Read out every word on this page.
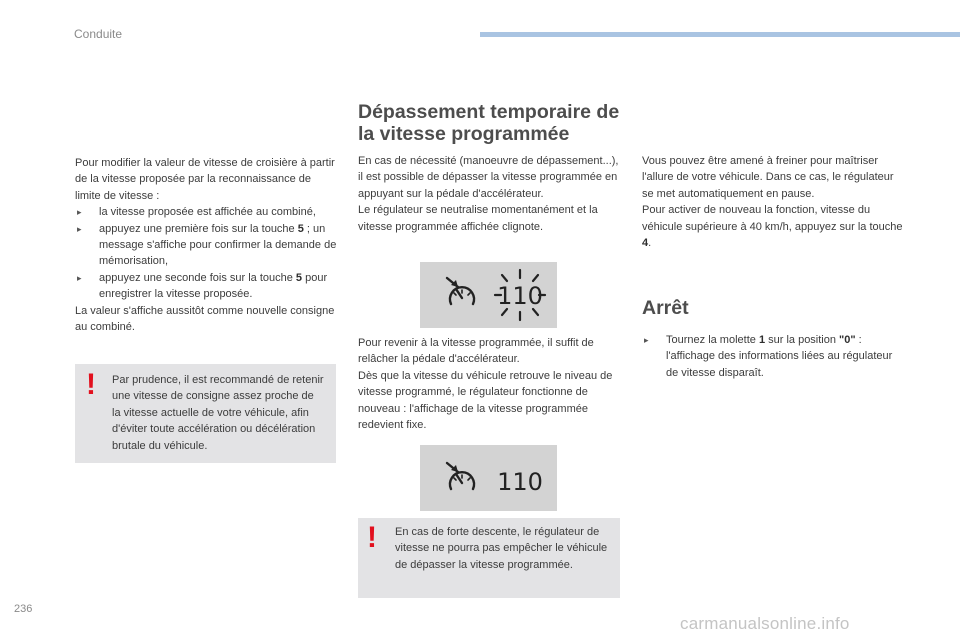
Conduite

Pour modifier la valeur de vitesse de croisière à partir de la vitesse proposée par la reconnaissance de limite de vitesse :

▸ la vitesse proposée est affichée au combiné,

▸ appuyez une première fois sur la touche 5 ; un message s'affiche pour confirmer la demande de mémorisation,

▸ appuyez une seconde fois sur la touche 5 pour enregistrer la vitesse proposée.

La valeur s'affiche aussitôt comme nouvelle consigne au combiné.

! Par prudence, il est recommandé de retenir une vitesse de consigne assez proche de la vitesse actuelle de votre véhicule, afin d'éviter toute accélération ou décélération brutale du véhicule.
Dépassement temporaire de
la vitesse programmée

En cas de nécessité (manoeuvre de dépassement...), il est possible de dépasser la vitesse programmée en appuyant sur la pédale d'accélérateur.

Le régulateur se neutralise momentanément et la vitesse programmée affichée clignote.

110

Pour revenir à la vitesse programmée, il suffit de relâcher la pédale d'accélérateur.

Dès que la vitesse du véhicule retrouve le niveau de vitesse programmé, le régulateur fonctionne de nouveau : l'affichage de la vitesse programmée redevient fixe.

110
! En cas de forte descente, le régulateur de vitesse ne pourra pas empêcher le véhicule de dépasser la vitesse programmée.

Vous pouvez être amené à freiner pour maîtriser l'allure de votre véhicule. Dans ce cas, le régulateur se met automatiquement en pause.

Pour activer de nouveau la fonction, vitesse du véhicule supérieure à 40 km/h, appuyez sur la touche 4.

Arrêt

▸ Tournez la molette 1 sur la position "0" : l'affichage des informations liées au régulateur de vitesse disparaît.

236
carmanualsonline.info
